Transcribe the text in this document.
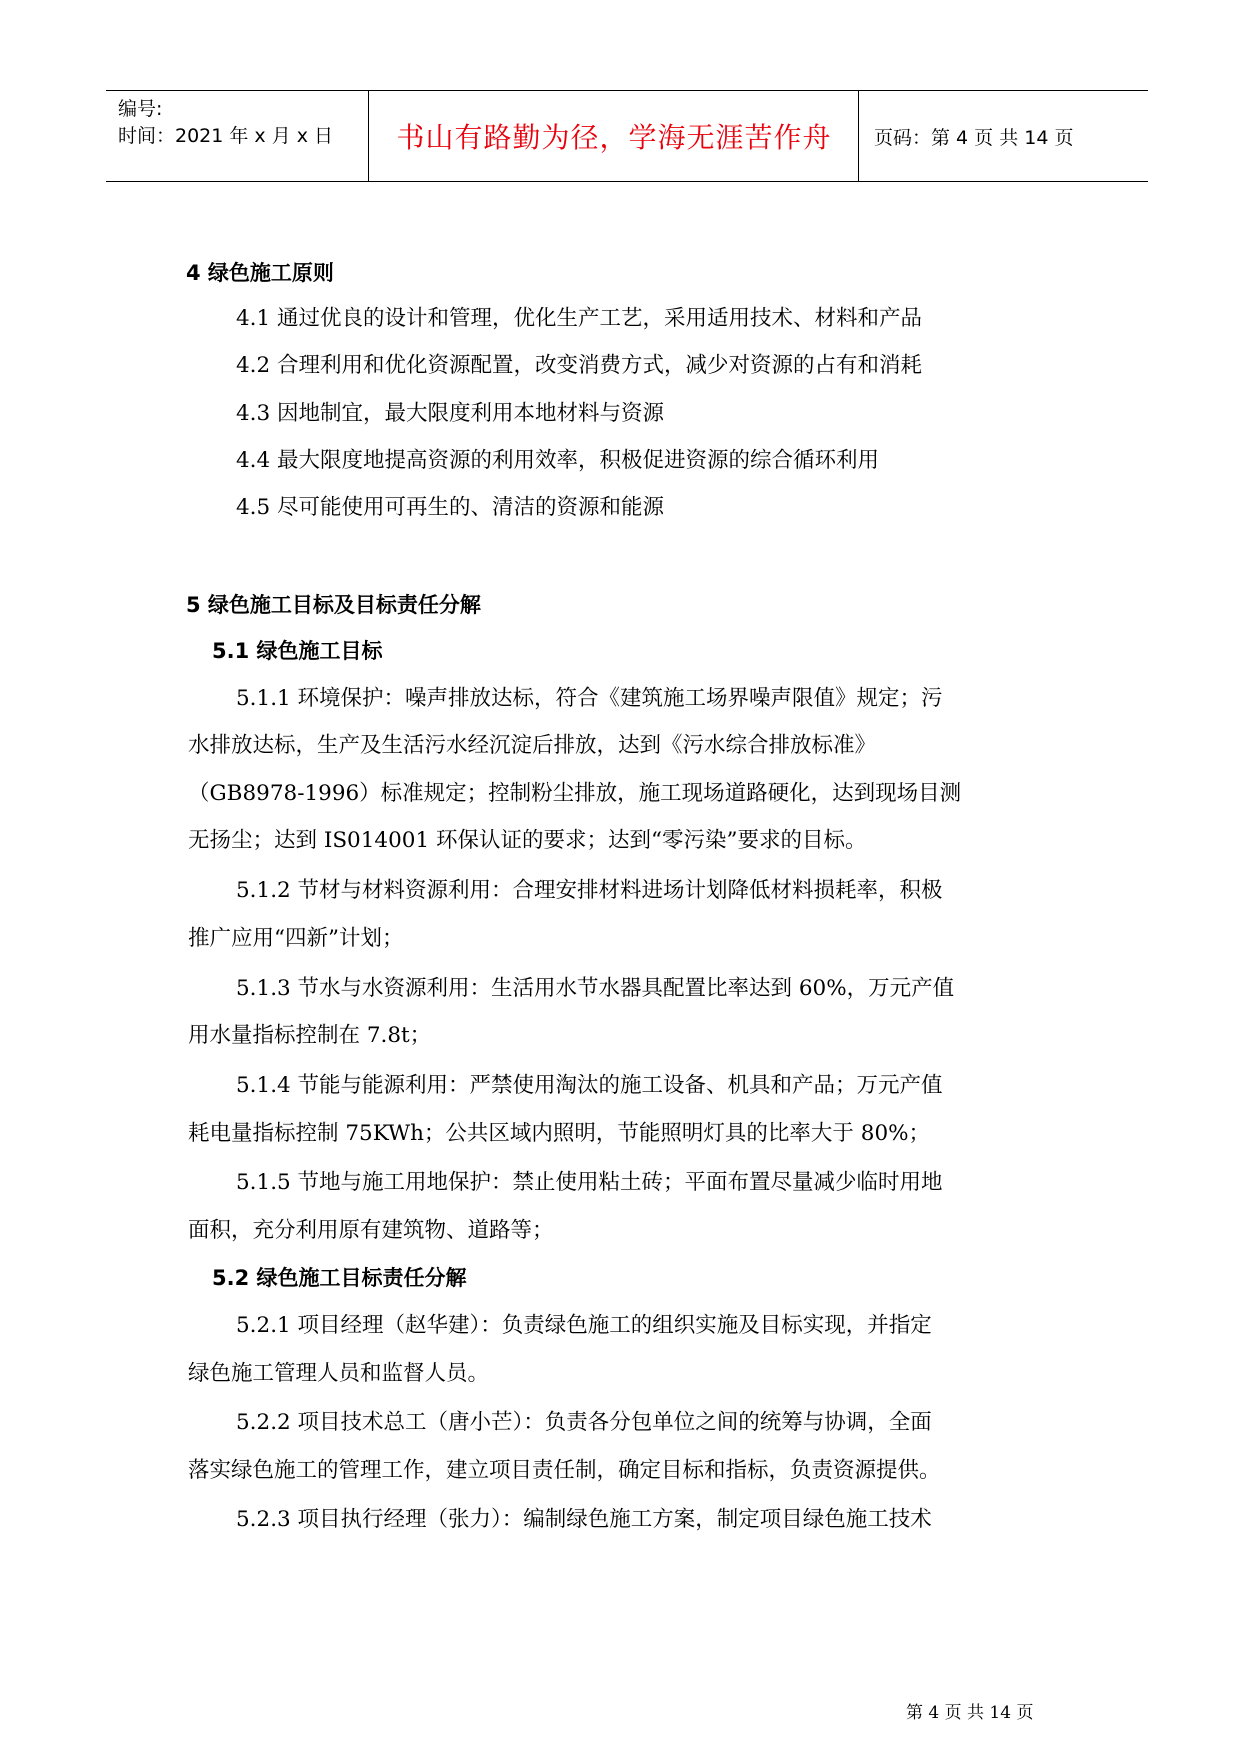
编号:
时间：2021 年 x 月 x 日	书山有路勤为径，学海无涯苦作舟	页码：第 4 页 共 14 页
4 绿色施工原则
4.1 通过优良的设计和管理，优化生产工艺，采用适用技术、材料和产品
4.2 合理利用和优化资源配置，改变消费方式，减少对资源的占有和消耗
4.3 因地制宜，最大限度利用本地材料与资源
4.4 最大限度地提高资源的利用效率，积极促进资源的综合循环利用
4.5 尽可能使用可再生的、清洁的资源和能源
5 绿色施工目标及目标责任分解
5.1 绿色施工目标
5.1.1 环境保护：噪声排放达标，符合《建筑施工场界噪声限值》规定；污
水排放达标，生产及生活污水经沉淀后排放，达到《污水综合排放标准》
（GB8978-1996）标准规定；控制粉尘排放，施工现场道路硬化，达到现场目测
无扬尘；达到 IS014001 环保认证的要求；达到“零污染”要求的目标。
5.1.2 节材与材料资源利用：合理安排材料进场计划降低材料损耗率，积极
推广应用“四新”计划；
5.1.3 节水与水资源利用：生活用水节水器具配置比率达到 60%，万元产值
用水量指标控制在 7.8t；
5.1.4 节能与能源利用：严禁使用淘汰的施工设备、机具和产品；万元产值
耗电量指标控制 75KWh；公共区域内照明，节能照明灯具的比率大于 80%；
5.1.5 节地与施工用地保护：禁止使用粘土砖；平面布置尽量减少临时用地
面积，充分利用原有建筑物、道路等；
5.2 绿色施工目标责任分解
5.2.1 项目经理（赵华建）：负责绿色施工的组织实施及目标实现，并指定
绿色施工管理人员和监督人员。
5.2.2 项目技术总工（唐小芒）：负责各分包单位之间的统筹与协调，全面
落实绿色施工的管理工作，建立项目责任制，确定目标和指标，负责资源提供。
5.2.3 项目执行经理（张力）：编制绿色施工方案，制定项目绿色施工技术
第 4 页 共 14 页
